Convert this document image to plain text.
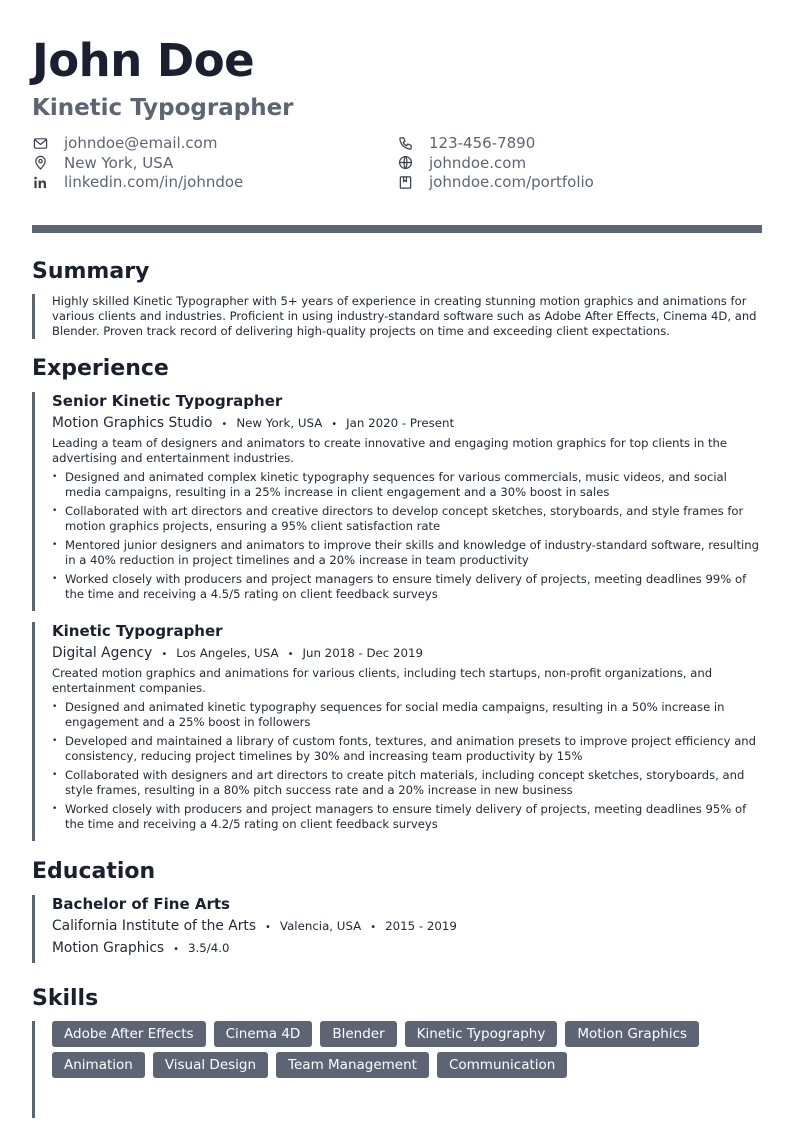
John Doe
Kinetic Typographer
johndoe@email.com	123-456-7890
New York, USA	johndoe.com
linkedin.com/in/johndoe	johndoe.com/portfolio
Summary
Highly skilled Kinetic Typographer with 5+ years of experience in creating stunning motion graphics and animations for various clients and industries. Proficient in using industry-standard software such as Adobe After Effects, Cinema 4D, and Blender. Proven track record of delivering high-quality projects on time and exceeding client expectations.
Experience
Senior Kinetic Typographer
Motion Graphics Studio • New York, USA • Jan 2020 - Present
Leading a team of designers and animators to create innovative and engaging motion graphics for top clients in the advertising and entertainment industries.
• Designed and animated complex kinetic typography sequences for various commercials, music videos, and social media campaigns, resulting in a 25% increase in client engagement and a 30% boost in sales
• Collaborated with art directors and creative directors to develop concept sketches, storyboards, and style frames for motion graphics projects, ensuring a 95% client satisfaction rate
• Mentored junior designers and animators to improve their skills and knowledge of industry-standard software, resulting in a 40% reduction in project timelines and a 20% increase in team productivity
• Worked closely with producers and project managers to ensure timely delivery of projects, meeting deadlines 99% of the time and receiving a 4.5/5 rating on client feedback surveys
Kinetic Typographer
Digital Agency • Los Angeles, USA • Jun 2018 - Dec 2019
Created motion graphics and animations for various clients, including tech startups, non-profit organizations, and entertainment companies.
• Designed and animated kinetic typography sequences for social media campaigns, resulting in a 50% increase in engagement and a 25% boost in followers
• Developed and maintained a library of custom fonts, textures, and animation presets to improve project efficiency and consistency, reducing project timelines by 30% and increasing team productivity by 15%
• Collaborated with designers and art directors to create pitch materials, including concept sketches, storyboards, and style frames, resulting in a 80% pitch success rate and a 20% increase in new business
• Worked closely with producers and project managers to ensure timely delivery of projects, meeting deadlines 95% of the time and receiving a 4.2/5 rating on client feedback surveys
Education
Bachelor of Fine Arts
California Institute of the Arts • Valencia, USA • 2015 - 2019
Motion Graphics • 3.5/4.0
Skills
Adobe After Effects	Cinema 4D	Blender	Kinetic Typography	Motion Graphics
Animation	Visual Design	Team Management	Communication
